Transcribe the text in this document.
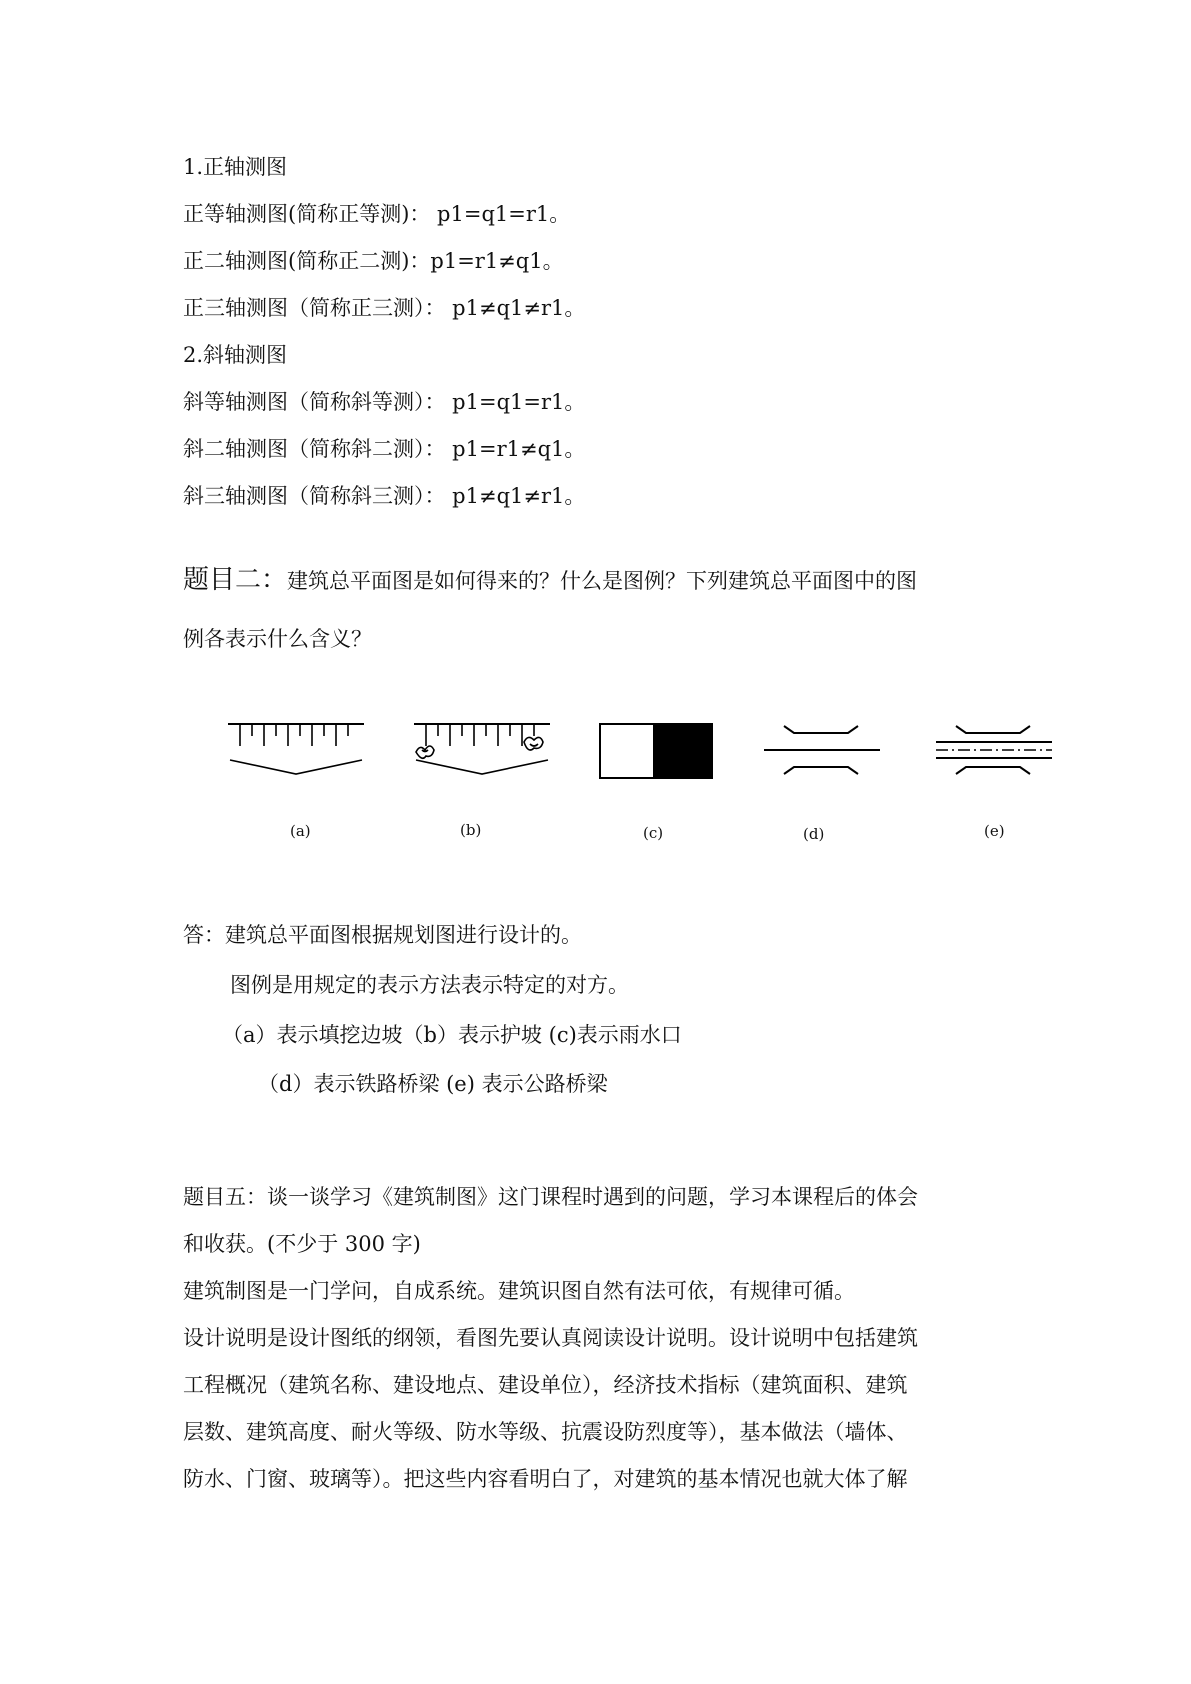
1.正轴测图
正等轴测图(简称正等测)： p1=q1=r1。
正二轴测图(简称正二测)：p1=r1≠q1。
正三轴测图（简称正三测）： p1≠q1≠r1。
2.斜轴测图
斜等轴测图（简称斜等测）： p1=q1=r1。
斜二轴测图（简称斜二测）： p1=r1≠q1。
斜三轴测图（简称斜三测）： p1≠q1≠r1。
题目二：建筑总平面图是如何得来的？什么是图例？下列建筑总平面图中的图
例各表示什么含义？
(a)	(b)	(c)	(d)	(e)
答：建筑总平面图根据规划图进行设计的。
图例是用规定的表示方法表示特定的对方。
（a）表示填挖边坡（b）表示护坡 (c)表示雨水口
（d）表示铁路桥梁 (e) 表示公路桥梁
题目五：谈一谈学习《建筑制图》这门课程时遇到的问题，学习本课程后的体会
和收获。(不少于 300 字)
建筑制图是一门学问，自成系统。建筑识图自然有法可依，有规律可循。
设计说明是设计图纸的纲领，看图先要认真阅读设计说明。设计说明中包括建筑
工程概况（建筑名称、建设地点、建设单位），经济技术指标（建筑面积、建筑
层数、建筑高度、耐火等级、防水等级、抗震设防烈度等），基本做法（墙体、
防水、门窗、玻璃等）。把这些内容看明白了，对建筑的基本情况也就大体了解
